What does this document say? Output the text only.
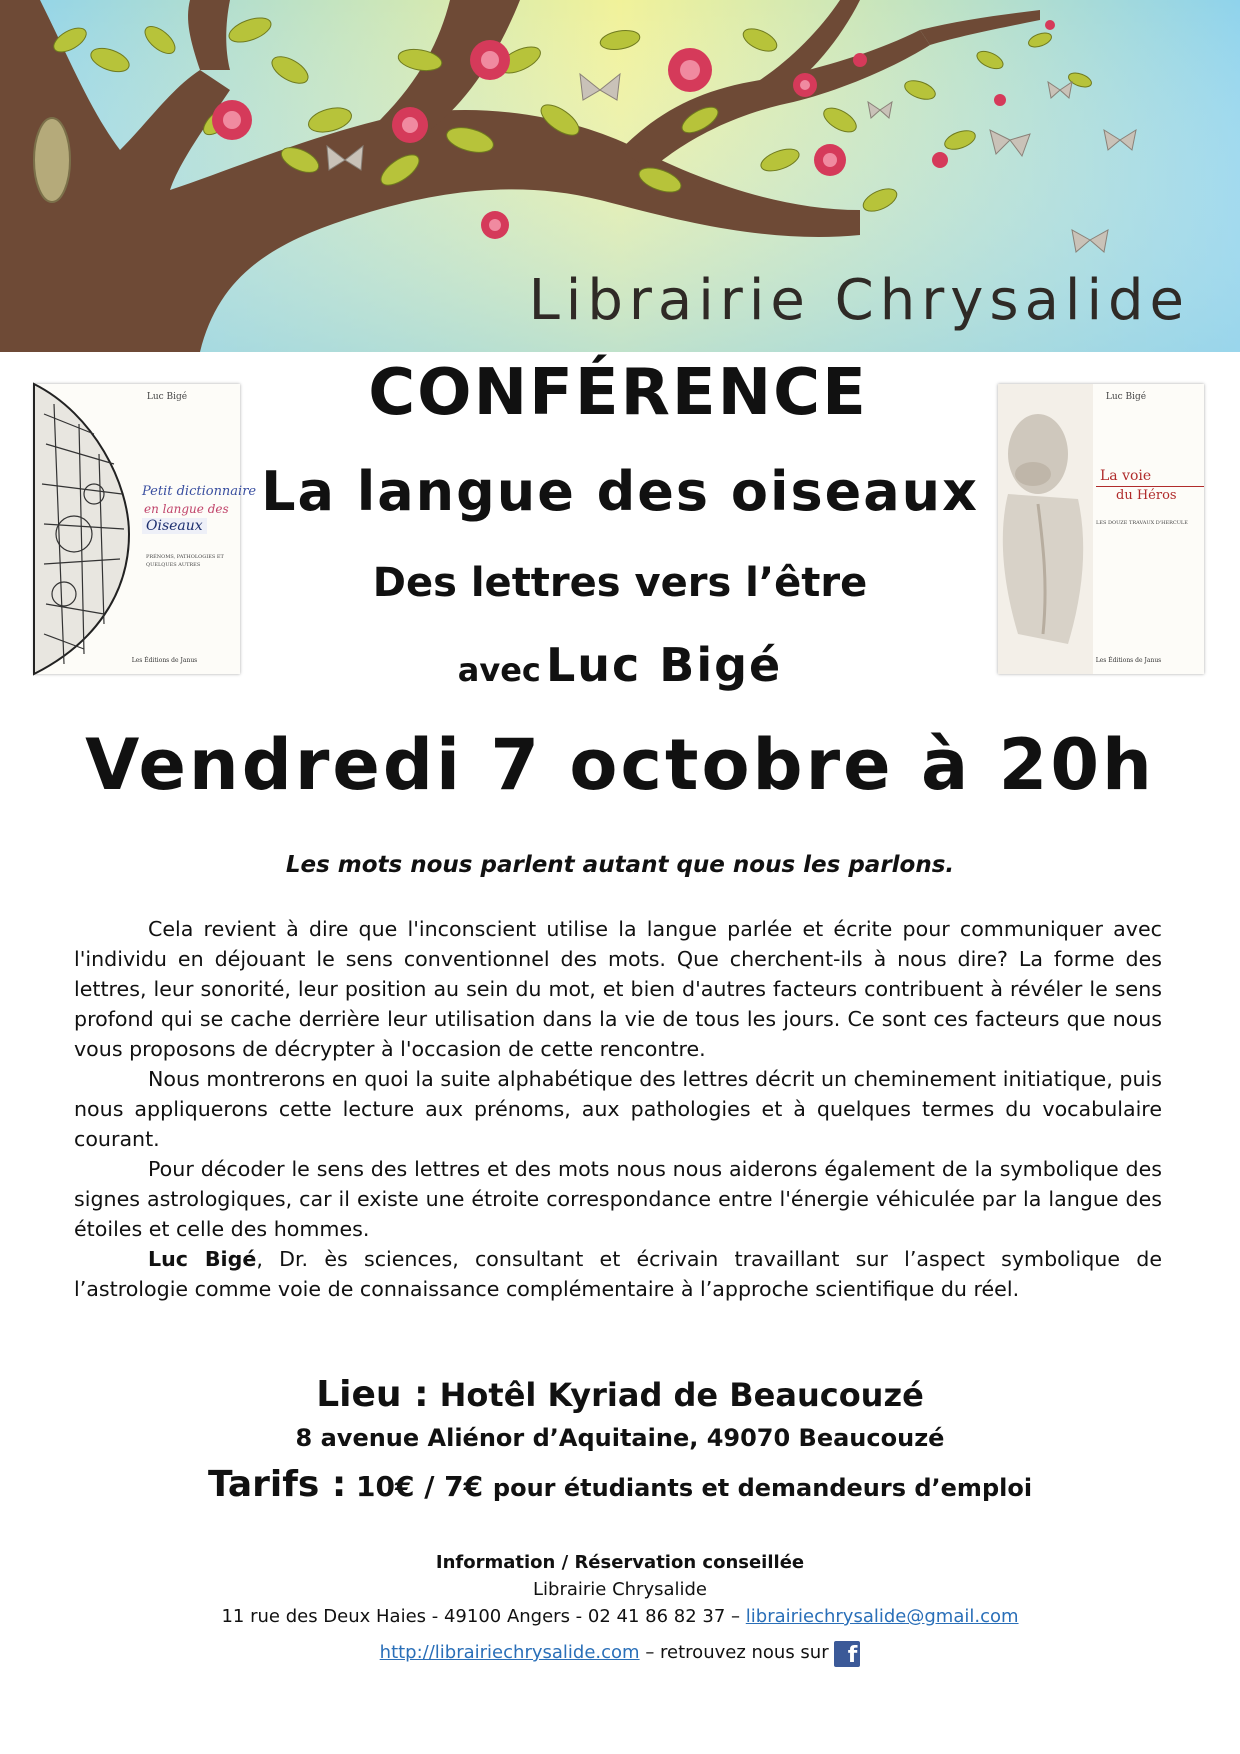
Librairie Chrysalide
Luc Bigé
Petit dictionnaire
en langue des
Oiseaux
PRÉNOMS, PATHOLOGIES ET QUELQUES AUTRES
Les Éditions de Janus
Luc Bigé
La voie
du Héros
LES DOUZE TRAVAUX D'HERCULE
Les Éditions de Janus
CONFÉRENCE
La langue des oiseaux
Des lettres vers l’être
avec Luc Bigé
Vendredi 7 octobre à 20h
Les mots nous parlent autant que nous les parlons.

Cela revient à dire que l'inconscient utilise la langue parlée et écrite pour communiquer avec l'individu en déjouant le sens conventionnel des mots. Que cherchent-ils à nous dire? La forme des lettres, leur sonorité, leur position au sein du mot, et bien d'autres facteurs contribuent à révéler le sens profond qui se cache derrière leur utilisation dans la vie de tous les jours. Ce sont ces facteurs que nous vous proposons de décrypter à l'occasion de cette rencontre.

Nous montrerons en quoi la suite alphabétique des lettres décrit un cheminement initiatique, puis nous appliquerons cette lecture aux prénoms, aux pathologies et à quelques termes du vocabulaire courant.

Pour décoder le sens des lettres et des mots nous nous aiderons également de la symbolique des signes astrologiques, car il existe une étroite correspondance entre l'énergie véhiculée par la langue des étoiles et celle des hommes.

Luc Bigé, Dr. ès sciences, consultant et écrivain travaillant sur l’aspect symbolique de l’astrologie comme voie de connaissance complémentaire à l’approche scientifique du réel.

Lieu : Hotêl Kyriad de Beaucouzé
8 avenue Aliénor d’Aquitaine, 49070 Beaucouzé
Tarifs : 10€ / 7€ pour étudiants et demandeurs d’emploi
Information / Réservation conseillée
Librairie Chrysalide
11 rue des Deux Haies - 49100 Angers - 02 41 86 82 37 – librairiechrysalide@gmail.com
http://librairiechrysalide.com – retrouvez nous sur f
